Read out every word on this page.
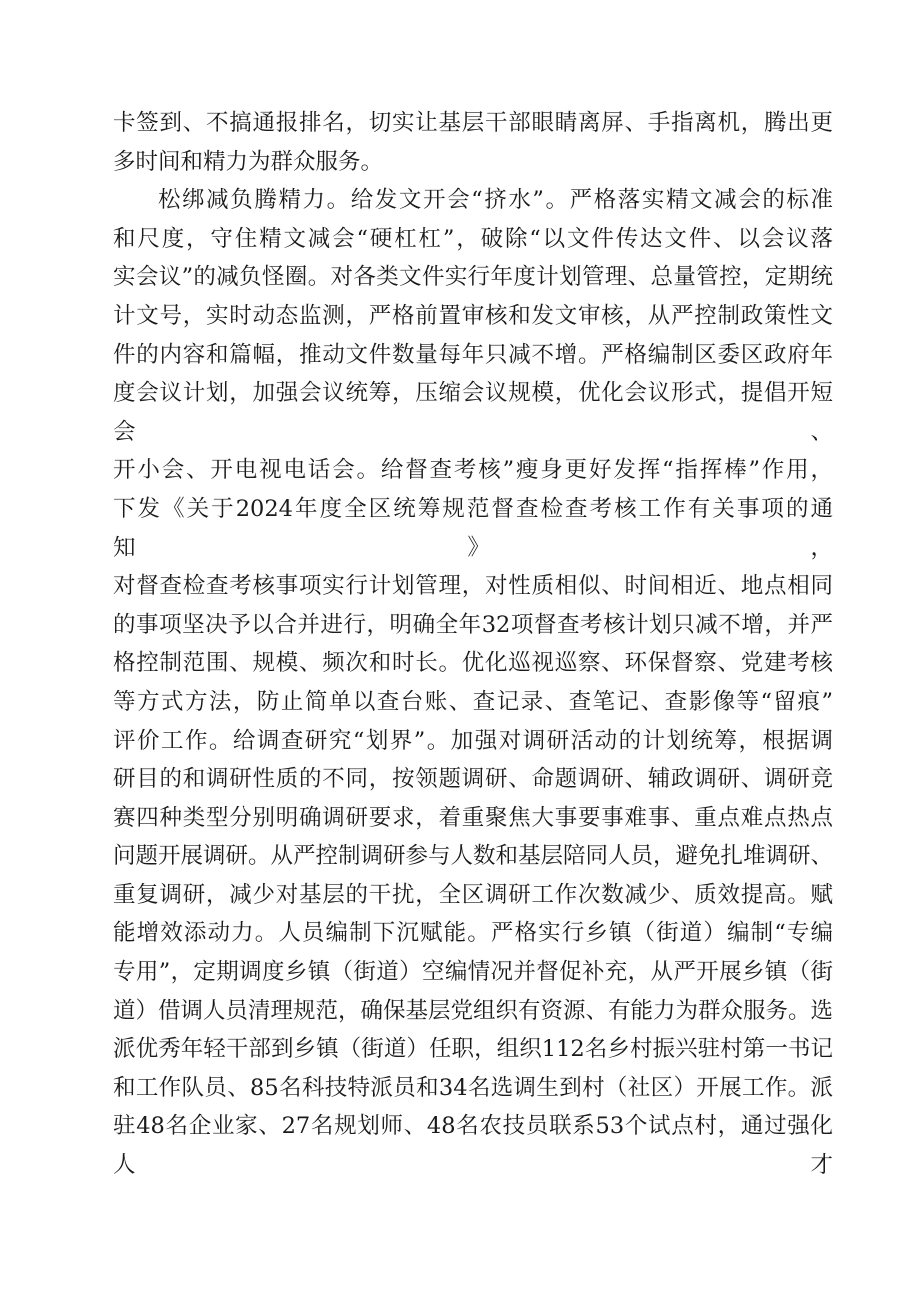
卡签到、不搞通报排名，切实让基层干部眼睛离屏、手指离机，腾出更
多时间和精力为群众服务。
松绑减负腾精力。给发文开会“挤水”。严格落实精文减会的标准
和尺度，守住精文减会“硬杠杠”，破除“以文件传达文件、以会议落
实会议”的减负怪圈。对各类文件实行年度计划管理、总量管控，定期统
计文号，实时动态监测，严格前置审核和发文审核，从严控制政策性文
件的内容和篇幅，推动文件数量每年只减不增。严格编制区委区政府年
度会议计划，加强会议统筹，压缩会议规模，优化会议形式，提倡开短会、
开小会、开电视电话会。给督查考核”瘦身更好发挥“指挥棒”作用，
下发《关于2024年度全区统筹规范督查检查考核工作有关事项的通知》，
对督查检查考核事项实行计划管理，对性质相似、时间相近、地点相同
的事项坚决予以合并进行，明确全年32项督查考核计划只减不增，并严
格控制范围、规模、频次和时长。优化巡视巡察、环保督察、党建考核
等方式方法，防止简单以查台账、查记录、查笔记、查影像等“留痕”
评价工作。给调查研究“划界”。加强对调研活动的计划统筹，根据调
研目的和调研性质的不同，按领题调研、命题调研、辅政调研、调研竞
赛四种类型分别明确调研要求，着重聚焦大事要事难事、重点难点热点
问题开展调研。从严控制调研参与人数和基层陪同人员，避免扎堆调研、
重复调研，减少对基层的干扰，全区调研工作次数减少、质效提高。赋
能增效添动力。人员编制下沉赋能。严格实行乡镇（街道）编制“专编
专用”，定期调度乡镇（街道）空编情况并督促补充，从严开展乡镇（街
道）借调人员清理规范，确保基层党组织有资源、有能力为群众服务。选
派优秀年轻干部到乡镇（街道）任职，组织112名乡村振兴驻村第一书记
和工作队员、85名科技特派员和34名选调生到村（社区）开展工作。派
驻48名企业家、27名规划师、48名农技员联系53个试点村，通过强化人才
